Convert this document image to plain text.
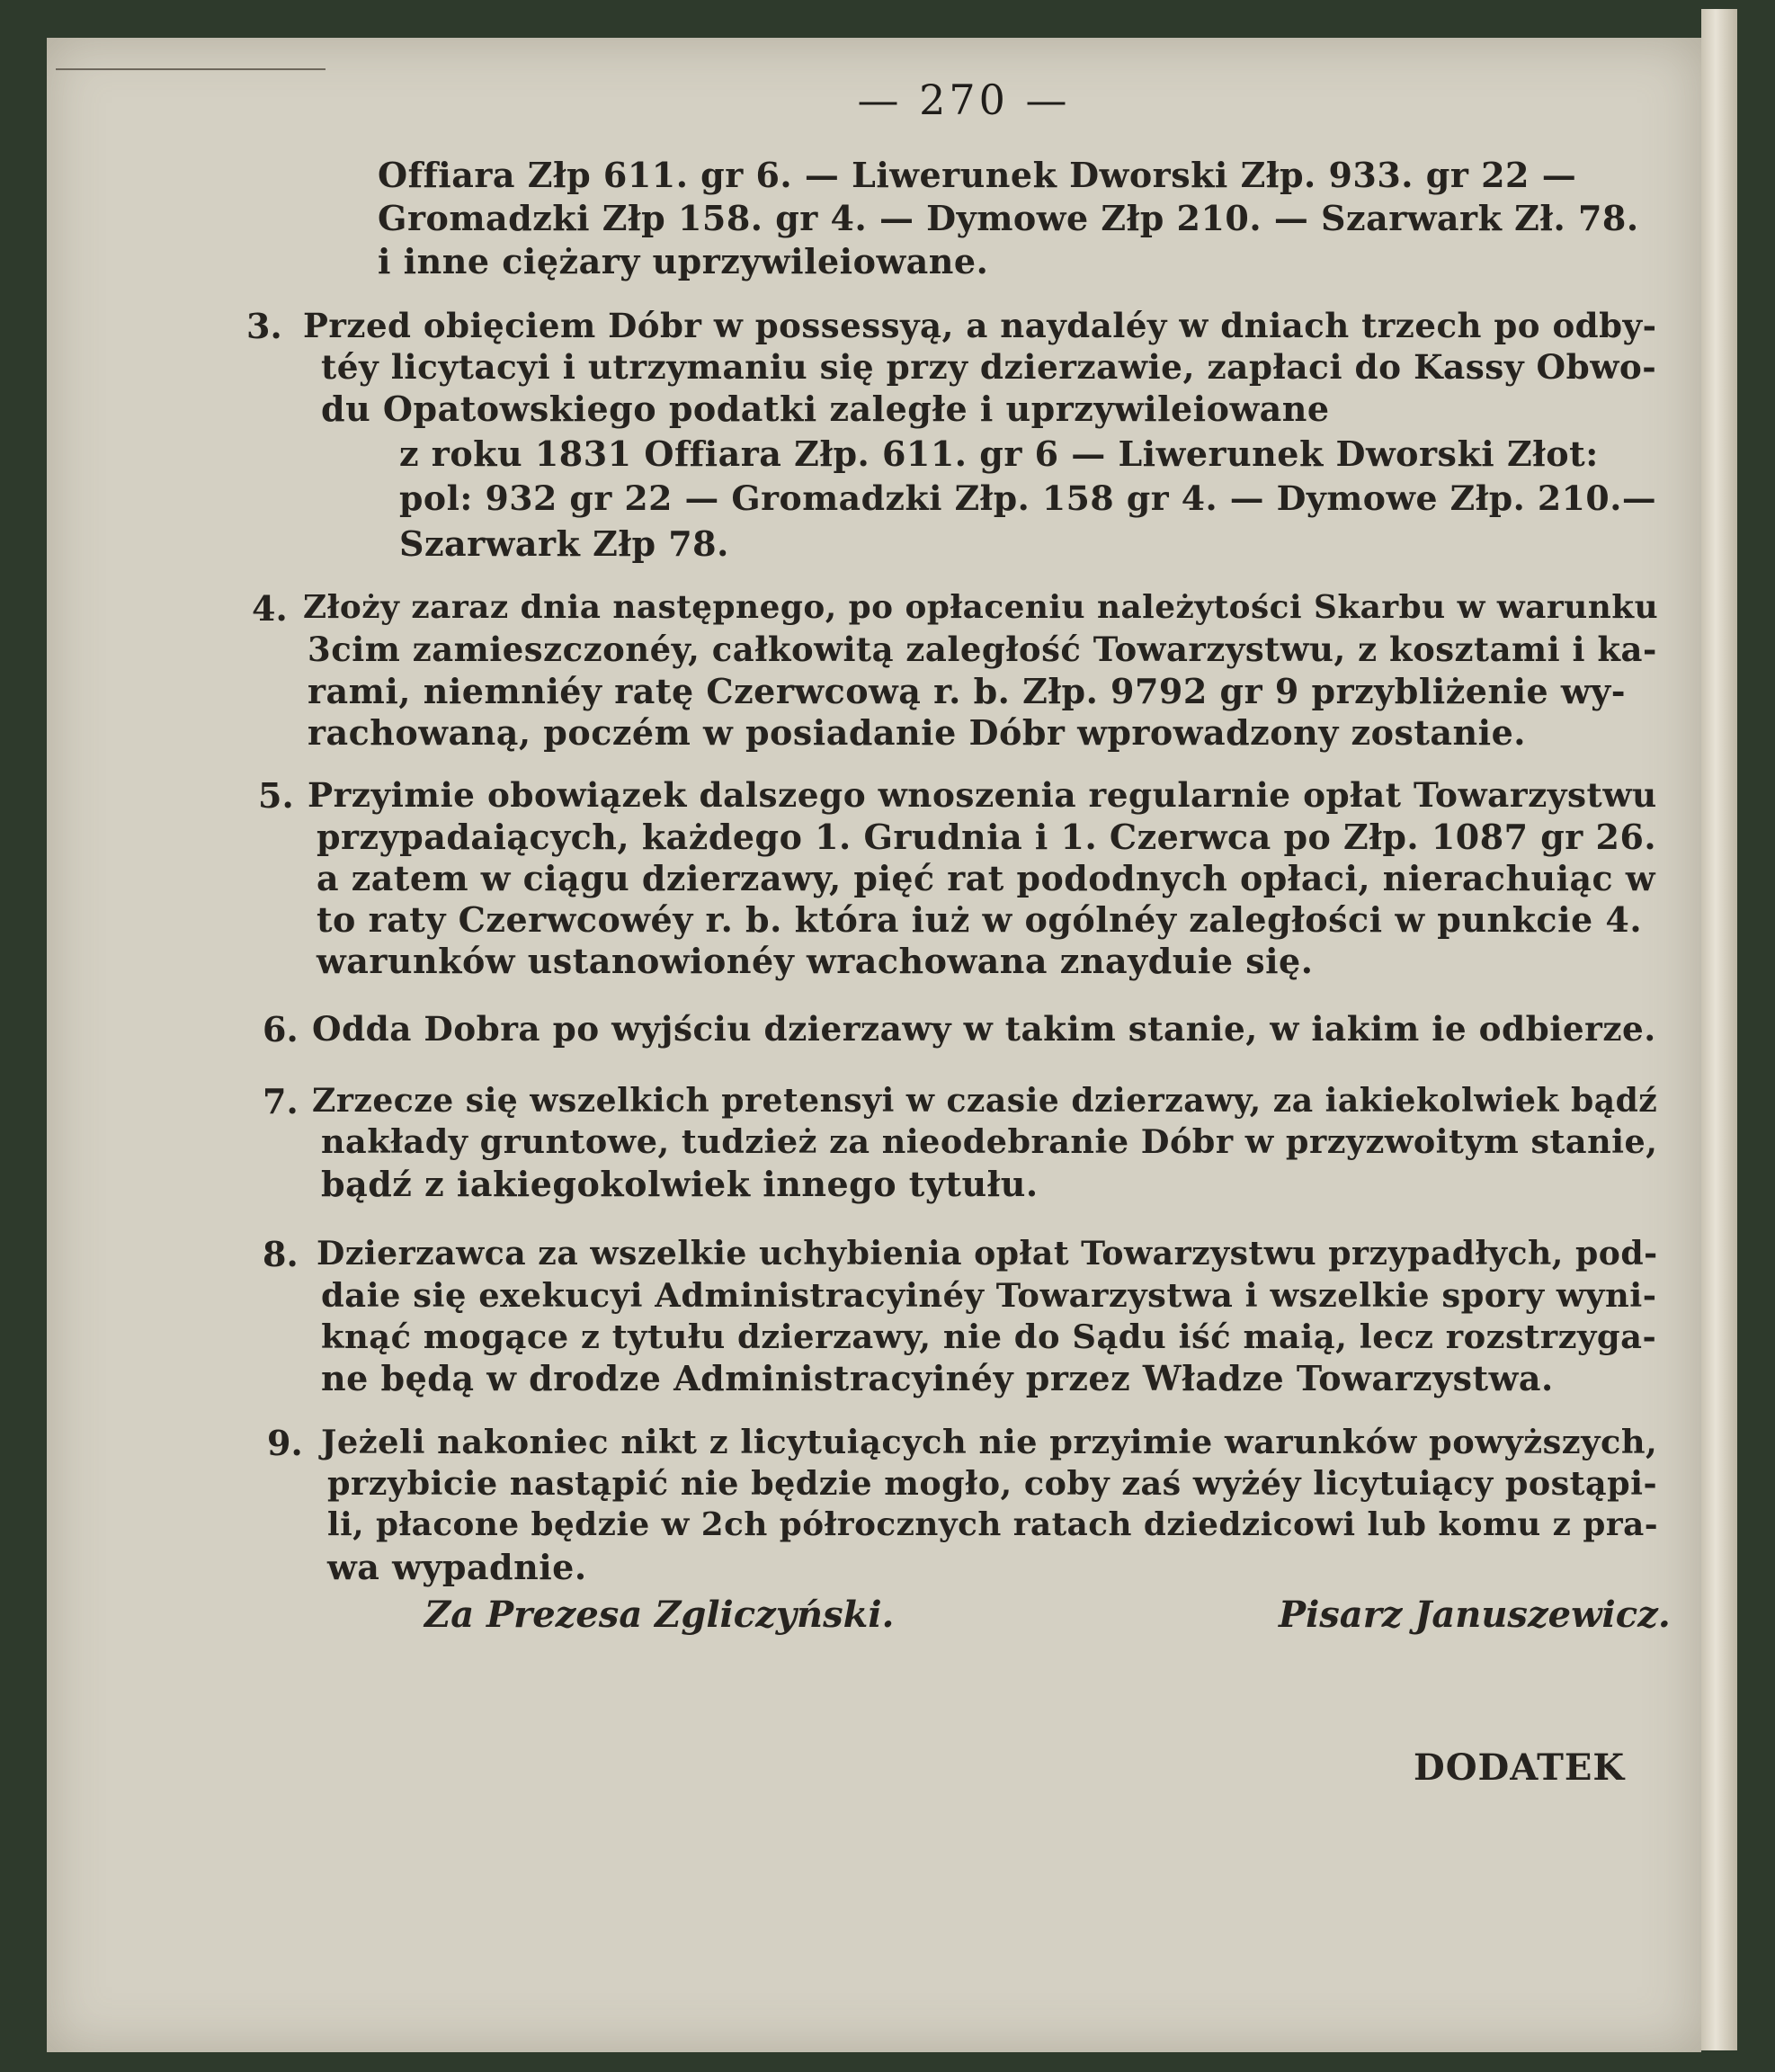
— 270 —
Offiara Złp 611. gr 6. — Liwerunek Dworski Złp. 933. gr 22 —
Gromadzki Złp 158. gr 4. — Dymowe Złp 210. — Szarwark Zł. 78.
i inne ciężary uprzywileiowane.
3. Przed obięciem Dóbr w possessyą, a naydaléy w dniach trzech po odby-
téy licytacyi i utrzymaniu się przy dzierzawie, zapłaci do Kassy Obwo-
du Opatowskiego podatki zaległe i uprzywileiowane
z roku 1831 Offiara Złp. 611. gr 6 — Liwerunek Dworski Złot:
pol: 932 gr 22 — Gromadzki Złp. 158 gr 4. — Dymowe Złp. 210.—
Szarwark Złp 78.
4. Złoży zaraz dnia następnego, po opłaceniu należytości Skarbu w warunku
3cim zamieszczonéy, całkowitą zaległość Towarzystwu, z kosztami i ka-
rami, niemniéy ratę Czerwcową r. b. Złp. 9792 gr 9 przybliżenie wy-
rachowaną, poczém w posiadanie Dóbr wprowadzony zostanie.
5. Przyimie obowiązek dalszego wnoszenia regularnie opłat Towarzystwu
przypadaiących, każdego 1. Grudnia i 1. Czerwca po Złp. 1087 gr 26.
a zatem w ciągu dzierzawy, pięć rat pododnych opłaci, nierachuiąc w
to raty Czerwcowéy r. b. która iuż w ogólnéy zaległości w punkcie 4.
warunków ustanowionéy wrachowana znayduie się.
6. Odda Dobra po wyjściu dzierzawy w takim stanie, w iakim ie odbierze.
7. Zrzecze się wszelkich pretensyi w czasie dzierzawy, za iakiekolwiek bądź
nakłady gruntowe, tudzież za nieodebranie Dóbr w przyzwoitym stanie,
bądź z iakiegokolwiek innego tytułu.
8. Dzierzawca za wszelkie uchybienia opłat Towarzystwu przypadłych, pod-
daie się exekucyi Administracyinéy Towarzystwa i wszelkie spory wyni-
knąć mogące z tytułu dzierzawy, nie do Sądu iść maią, lecz rozstrzyga-
ne będą w drodze Administracyinéy przez Władze Towarzystwa.
9. Jeżeli nakoniec nikt z licytuiących nie przyimie warunków powyższych,
przybicie nastąpić nie będzie mogło, coby zaś wyżéy licytuiący postąpi-
li, płacone będzie w 2ch półrocznych ratach dziedzicowi lub komu z pra-
wa wypadnie.
Za Prezesa Zgliczyński.	Pisarz Januszewicz.
DODATEK
